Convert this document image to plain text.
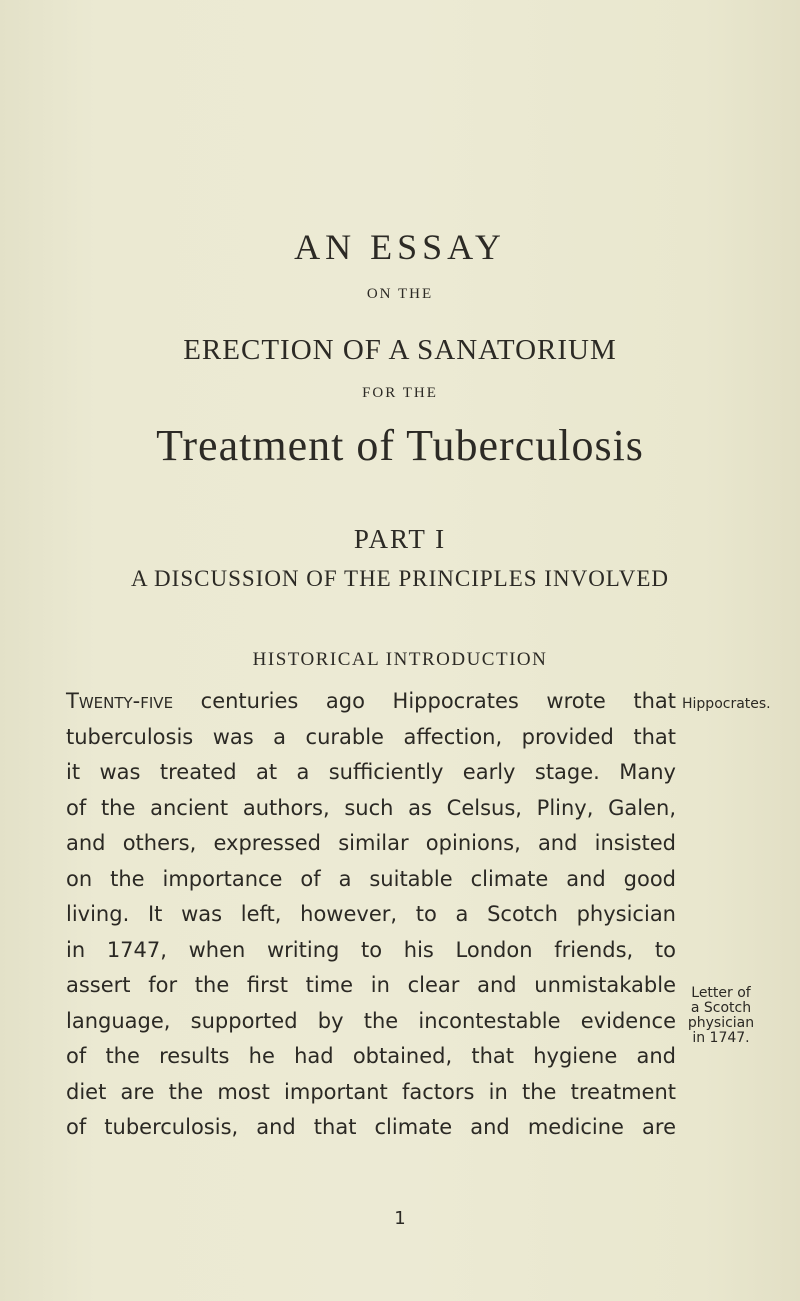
AN ESSAY
ON THE
ERECTION OF A SANATORIUM
FOR THE
Treatment of Tuberculosis
PART I
A DISCUSSION OF THE PRINCIPLES INVOLVED
HISTORICAL INTRODUCTION
Twenty-five centuries ago Hippocrates wrote that
tuberculosis was a curable affection, provided that
it was treated at a sufficiently early stage. Many
of the ancient authors, such as Celsus, Pliny, Galen,
and others, expressed similar opinions, and insisted
on the importance of a suitable climate and good
living. It was left, however, to a Scotch physician
in 1747, when writing to his London friends, to
assert for the first time in clear and unmistakable
language, supported by the incontestable evidence
of the results he had obtained, that hygiene and
diet are the most important factors in the treatment
of tuberculosis, and that climate and medicine are
Hippocrates.
Letter of
a Scotch
physician
in 1747.
1
